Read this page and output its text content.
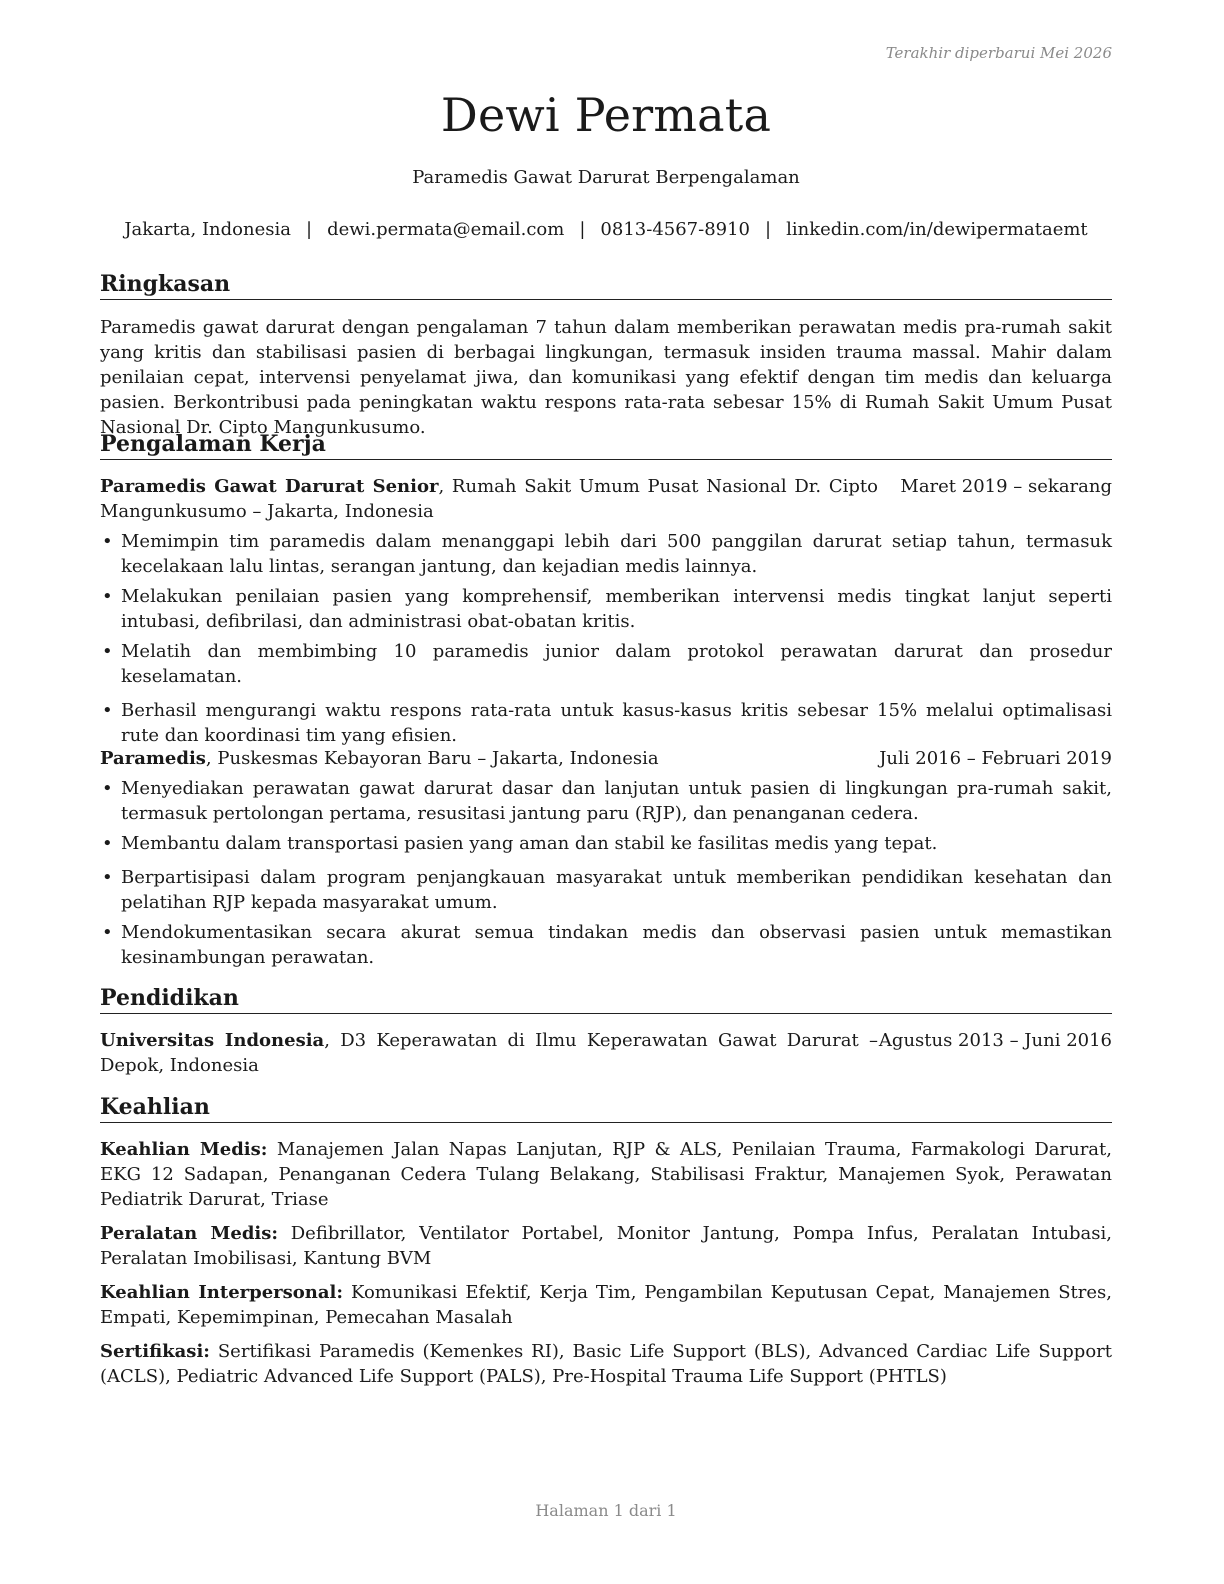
Terakhir diperbarui Mei 2026
Dewi Permata
Paramedis Gawat Darurat Berpengalaman
Jakarta, Indonesia | dewi.permata@email.com | 0813-4567-8910 | linkedin.com/in/dewipermataemt
Ringkasan
Paramedis gawat darurat dengan pengalaman 7 tahun dalam memberikan perawatan medis pra-rumah sakit yang kritis dan stabilisasi pasien di berbagai lingkungan, termasuk insiden trauma massal. Mahir dalam penilaian cepat, intervensi penyelamat jiwa, dan komunikasi yang efektif dengan tim medis dan keluarga pasien. Berkontribusi pada peningkatan waktu respons rata-rata sebesar 15% di Rumah Sakit Umum Pusat Nasional Dr. Cipto Mangunkusumo.
Pengalaman Kerja
Paramedis Gawat Darurat Senior, Rumah Sakit Umum Pusat Nasional Dr. Cipto Mangunkusumo – Jakarta, Indonesia
Maret 2019 – sekarang
• Memimpin tim paramedis dalam menanggapi lebih dari 500 panggilan darurat setiap tahun, termasuk kecelakaan lalu lintas, serangan jantung, dan kejadian medis lainnya.
• Melakukan penilaian pasien yang komprehensif, memberikan intervensi medis tingkat lanjut seperti intubasi, defibrilasi, dan administrasi obat-obatan kritis.
• Melatih dan membimbing 10 paramedis junior dalam protokol perawatan darurat dan prosedur keselamatan.
• Berhasil mengurangi waktu respons rata-rata untuk kasus-kasus kritis sebesar 15% melalui optimalisasi rute dan koordinasi tim yang efisien.
Paramedis, Puskesmas Kebayoran Baru – Jakarta, Indonesia	Juli 2016 – Februari 2019
• Menyediakan perawatan gawat darurat dasar dan lanjutan untuk pasien di lingkungan pra-rumah sakit, termasuk pertolongan pertama, resusitasi jantung paru (RJP), dan penanganan cedera.
• Membantu dalam transportasi pasien yang aman dan stabil ke fasilitas medis yang tepat.
• Berpartisipasi dalam program penjangkauan masyarakat untuk memberikan pendidikan kesehatan dan pelatihan RJP kepada masyarakat umum.
• Mendokumentasikan secara akurat semua tindakan medis dan observasi pasien untuk memastikan kesinambungan perawatan.
Pendidikan
Universitas Indonesia, D3 Keperawatan di Ilmu Keperawatan Gawat Darurat – Depok, Indonesia
Agustus 2013 – Juni 2016
Keahlian
Keahlian Medis: Manajemen Jalan Napas Lanjutan, RJP & ALS, Penilaian Trauma, Farmakologi Darurat, EKG 12 Sadapan, Penanganan Cedera Tulang Belakang, Stabilisasi Fraktur, Manajemen Syok, Perawatan Pediatrik Darurat, Triase
Peralatan Medis: Defibrillator, Ventilator Portabel, Monitor Jantung, Pompa Infus, Peralatan Intubasi, Peralatan Imobilisasi, Kantung BVM
Keahlian Interpersonal: Komunikasi Efektif, Kerja Tim, Pengambilan Keputusan Cepat, Manajemen Stres, Empati, Kepemimpinan, Pemecahan Masalah
Sertifikasi: Sertifikasi Paramedis (Kemenkes RI), Basic Life Support (BLS), Advanced Cardiac Life Support (ACLS), Pediatric Advanced Life Support (PALS), Pre-Hospital Trauma Life Support (PHTLS)
Halaman 1 dari 1
